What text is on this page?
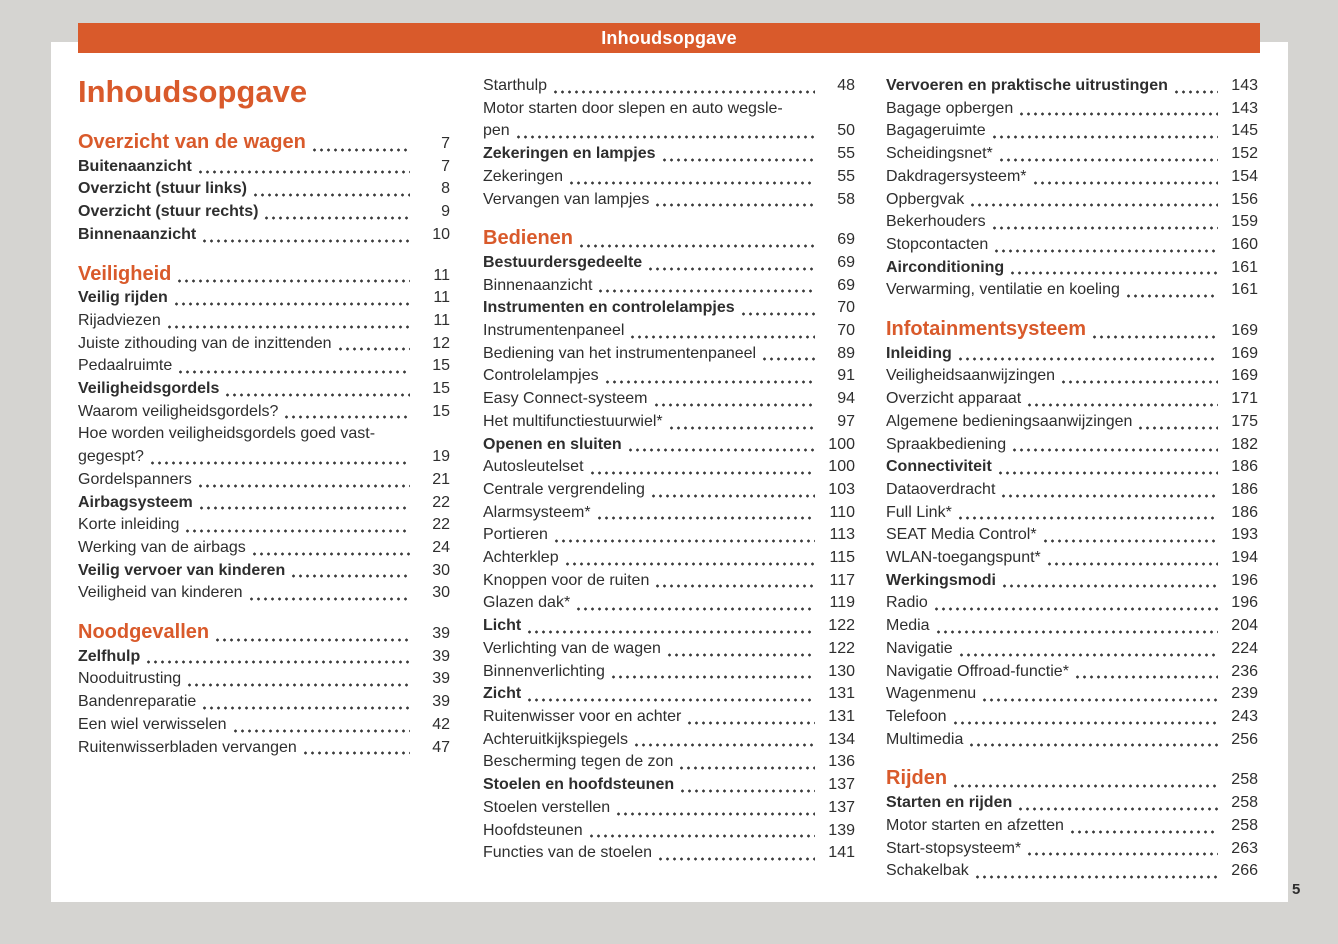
Inhoudsopgave
Overzicht van de wagen	7
Buitenaanzicht	7
Overzicht (stuur links)	8
Overzicht (stuur rechts)	9
Binnenaanzicht	10
Veiligheid	11
Veilig rijden	11
Rijadviezen	11
Juiste zithouding van de inzittenden	12
Pedaalruimte	15
Veiligheidsgordels	15
Waarom veiligheidsgordels?	15
Hoe worden veiligheidsgordels goed vast-
gegespt?	19
Gordelspanners	21
Airbagsysteem	22
Korte inleiding	22
Werking van de airbags	24
Veilig vervoer van kinderen	30
Veiligheid van kinderen	30
Noodgevallen	39
Zelfhulp	39
Nooduitrusting	39
Bandenreparatie	39
Een wiel verwisselen	42
Ruitenwisserbladen vervangen	47
Starthulp	48
Motor starten door slepen en auto wegsle-
pen	50
Zekeringen en lampjes	55
Zekeringen	55
Vervangen van lampjes	58
Bedienen	69
Bestuurdersgedeelte	69
Binnenaanzicht	69
Instrumenten en controlelampjes	70
Instrumentenpaneel	70
Bediening van het instrumentenpaneel	89
Controlelampjes	91
Easy Connect-systeem	94
Het multifunctiestuurwiel*	97
Openen en sluiten	100
Autosleutelset	100
Centrale vergrendeling	103
Alarmsysteem*	110
Portieren	113
Achterklep	115
Knoppen voor de ruiten	117
Glazen dak*	119
Licht	122
Verlichting van de wagen	122
Binnenverlichting	130
Zicht	131
Ruitenwisser voor en achter	131
Achteruitkijkspiegels	134
Bescherming tegen de zon	136
Stoelen en hoofdsteunen	137
Stoelen verstellen	137
Hoofdsteunen	139
Functies van de stoelen	141
Vervoeren en praktische uitrustingen	143
Bagage opbergen	143
Bagageruimte	145
Scheidingsnet*	152
Dakdragersysteem*	154
Opbergvak	156
Bekerhouders	159
Stopcontacten	160
Airconditioning	161
Verwarming, ventilatie en koeling	161
Infotainmentsysteem	169
Inleiding	169
Veiligheidsaanwijzingen	169
Overzicht apparaat	171
Algemene bedieningsaanwijzingen	175
Spraakbediening	182
Connectiviteit	186
Dataoverdracht	186
Full Link*	186
SEAT Media Control*	193
WLAN-toegangspunt*	194
Werkingsmodi	196
Radio	196
Media	204
Navigatie	224
Navigatie Offroad-functie*	236
Wagenmenu	239
Telefoon	243
Multimedia	256
Rijden	258
Starten en rijden	258
Motor starten en afzetten	258
Start-stopsysteem*	263
Schakelbak	266
Inhoudsopgave
5
